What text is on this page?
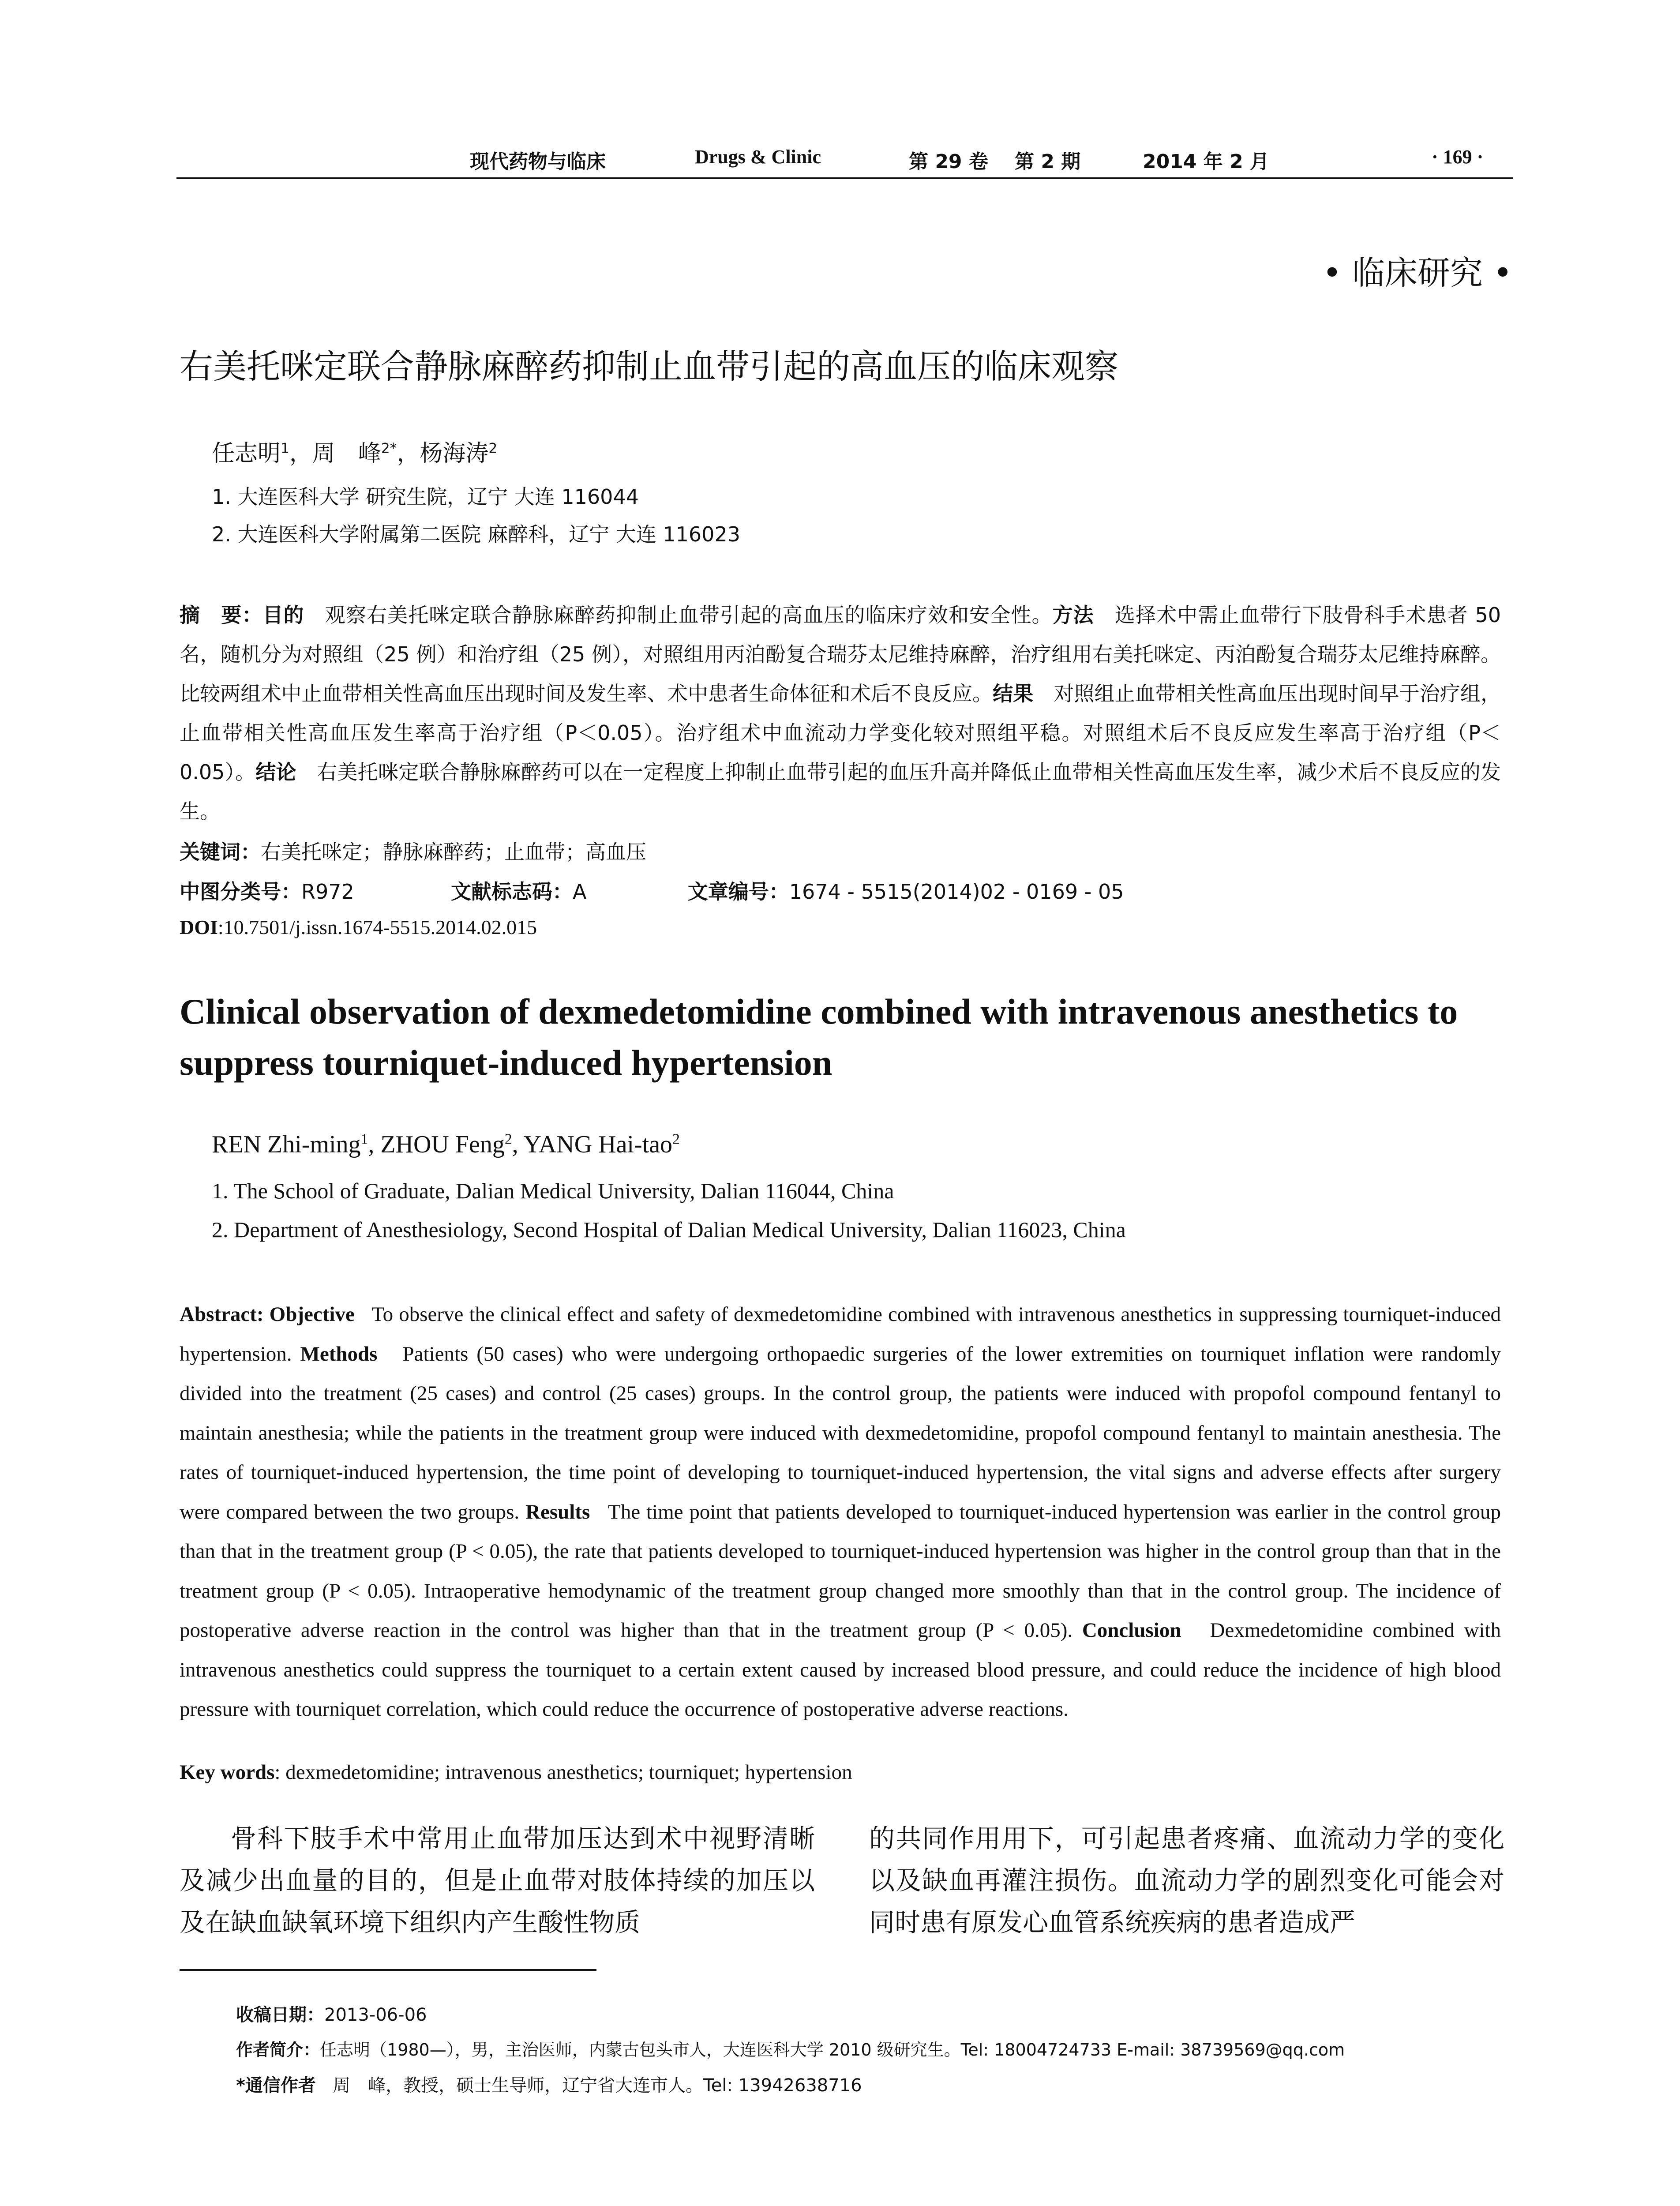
现代药物与临床	Drugs & Clinic	第 29 卷 第 2 期	2014 年 2 月	· 169 ·
• 临床研究 •
右美托咪定联合静脉麻醉药抑制止血带引起的高血压的临床观察
任志明$^1$，周　峰$^{2*}$，杨海涛$^2$
1. 大连医科大学 研究生院，辽宁 大连 116044
2. 大连医科大学附属第二医院 麻醉科，辽宁 大连 116023
摘　要：目的　 观察右美托咪定联合静脉麻醉药抑制止血带引起的高血压的临床疗效和安全性。方法　 选择术中需止血带行下肢骨科手术患者 50 名，随机分为对照组（25 例）和治疗组（25 例），对照组用丙泊酚复合瑞芬太尼维持麻醉，治疗组用右美托咪定、丙泊酚复合瑞芬太尼维持麻醉。比较两组术中止血带相关性高血压出现时间及发生率、术中患者生命体征和术后不良反应。结果　 对照组止血带相关性高血压出现时间早于治疗组，止血带相关性高血压发生率高于治疗组（P＜0.05）。治疗组术中血流动力学变化较对照组平稳。对照组术后不良反应发生率高于治疗组（P＜0.05）。结论　 右美托咪定联合静脉麻醉药可以在一定程度上抑制止血带引起的血压升高并降低止血带相关性高血压发生率，减少术后不良反应的发生。
关键词：右美托咪定；静脉麻醉药；止血带；高血压
中图分类号：R972	文献标志码：A	文章编号：1674 - 5515(2014)02 - 0169 - 05
DOI:10.7501/j.issn.1674-5515.2014.02.015
Clinical observation of dexmedetomidine combined with intravenous anesthetics to suppress tourniquet-induced hypertension
REN Zhi-ming$^1$, ZHOU Feng$^2$, YANG Hai-tao$^2$
1. The School of Graduate, Dalian Medical University, Dalian 116044, China
2. Department of Anesthesiology, Second Hospital of Dalian Medical University, Dalian 116023, China
Abstract: Objective To observe the clinical effect and safety of dexmedetomidine combined with intravenous anesthetics in suppressing tourniquet-induced hypertension. Methods Patients (50 cases) who were undergoing orthopaedic surgeries of the lower extremities on tourniquet inflation were randomly divided into the treatment (25 cases) and control (25 cases) groups. In the control group, the patients were induced with propofol compound fentanyl to maintain anesthesia; while the patients in the treatment group were induced with dexmedetomidine, propofol compound fentanyl to maintain anesthesia. The rates of tourniquet-induced hypertension, the time point of developing to tourniquet-induced hypertension, the vital signs and adverse effects after surgery were compared between the two groups. Results The time point that patients developed to tourniquet-induced hypertension was earlier in the control group than that in the treatment group (P < 0.05), the rate that patients developed to tourniquet-induced hypertension was higher in the control group than that in the treatment group (P < 0.05). Intraoperative hemodynamic of the treatment group changed more smoothly than that in the control group. The incidence of postoperative adverse reaction in the control was higher than that in the treatment group (P < 0.05). Conclusion Dexmedetomidine combined with intravenous anesthetics could suppress the tourniquet to a certain extent caused by increased blood pressure, and could reduce the incidence of high blood pressure with tourniquet correlation, which could reduce the occurrence of postoperative adverse reactions.
Key words: dexmedetomidine; intravenous anesthetics; tourniquet; hypertension
骨科下肢手术中常用止血带加压达到术中视野清晰及减少出血量的目的，但是止血带对肢体持续的加压以及在缺血缺氧环境下组织内产生酸性物质
的共同作用用下，可引起患者疼痛、血流动力学的变化以及缺血再灌注损伤。血流动力学的剧烈变化可能会对同时患有原发心血管系统疾病的患者造成严
收稿日期：2013-06-06
作者简介：任志明（1980—），男，主治医师，内蒙古包头市人，大连医科大学 2010 级研究生。Tel: 18004724733 E-mail: 38739569@qq.com
*通信作者 周　峰，教授，硕士生导师，辽宁省大连市人。Tel: 13942638716
